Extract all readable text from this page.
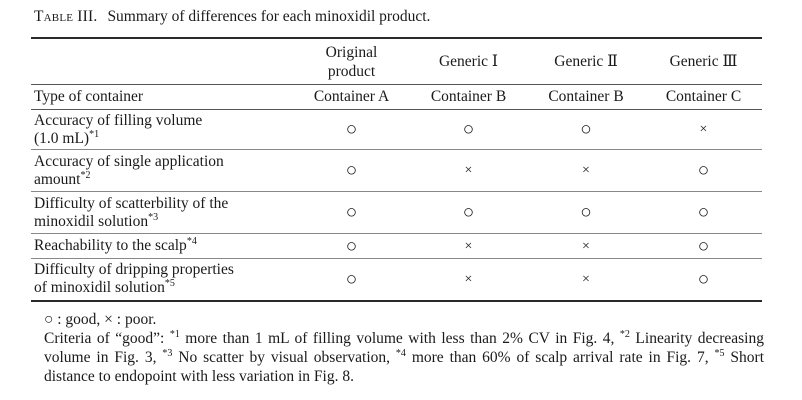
Table III. Summary of differences for each minoxidil product.

	Original product	Generic Ⅰ	Generic Ⅱ	Generic Ⅲ
Type of container	Container A	Container B	Container B	Container C
Accuracy of filling volume
(1.0 mL)$^{*1}$	○	○	○	×
Accuracy of single application
amount$^{*2}$	○	×	×	○
Difficulty of scatterbility of the
minoxidil solution$^{*3}$	○	○	○	○
Reachability to the scalp$^{*4}$	○	×	×	○
Difficulty of dripping properties
of minoxidil solution$^{*5}$	○	×	×	○
○ : good, × : poor.
Criteria of “good”: $^{*1}$ more than 1 mL of filling volume with less than 2% CV in Fig. 4, $^{*2}$ Linearity decreasing volume in Fig. 3, $^{*3}$ No scatter by visual observation, $^{*4}$ more than 60% of scalp arrival rate in Fig. 7, $^{*5}$ Short distance to endopoint with less variation in Fig. 8.
